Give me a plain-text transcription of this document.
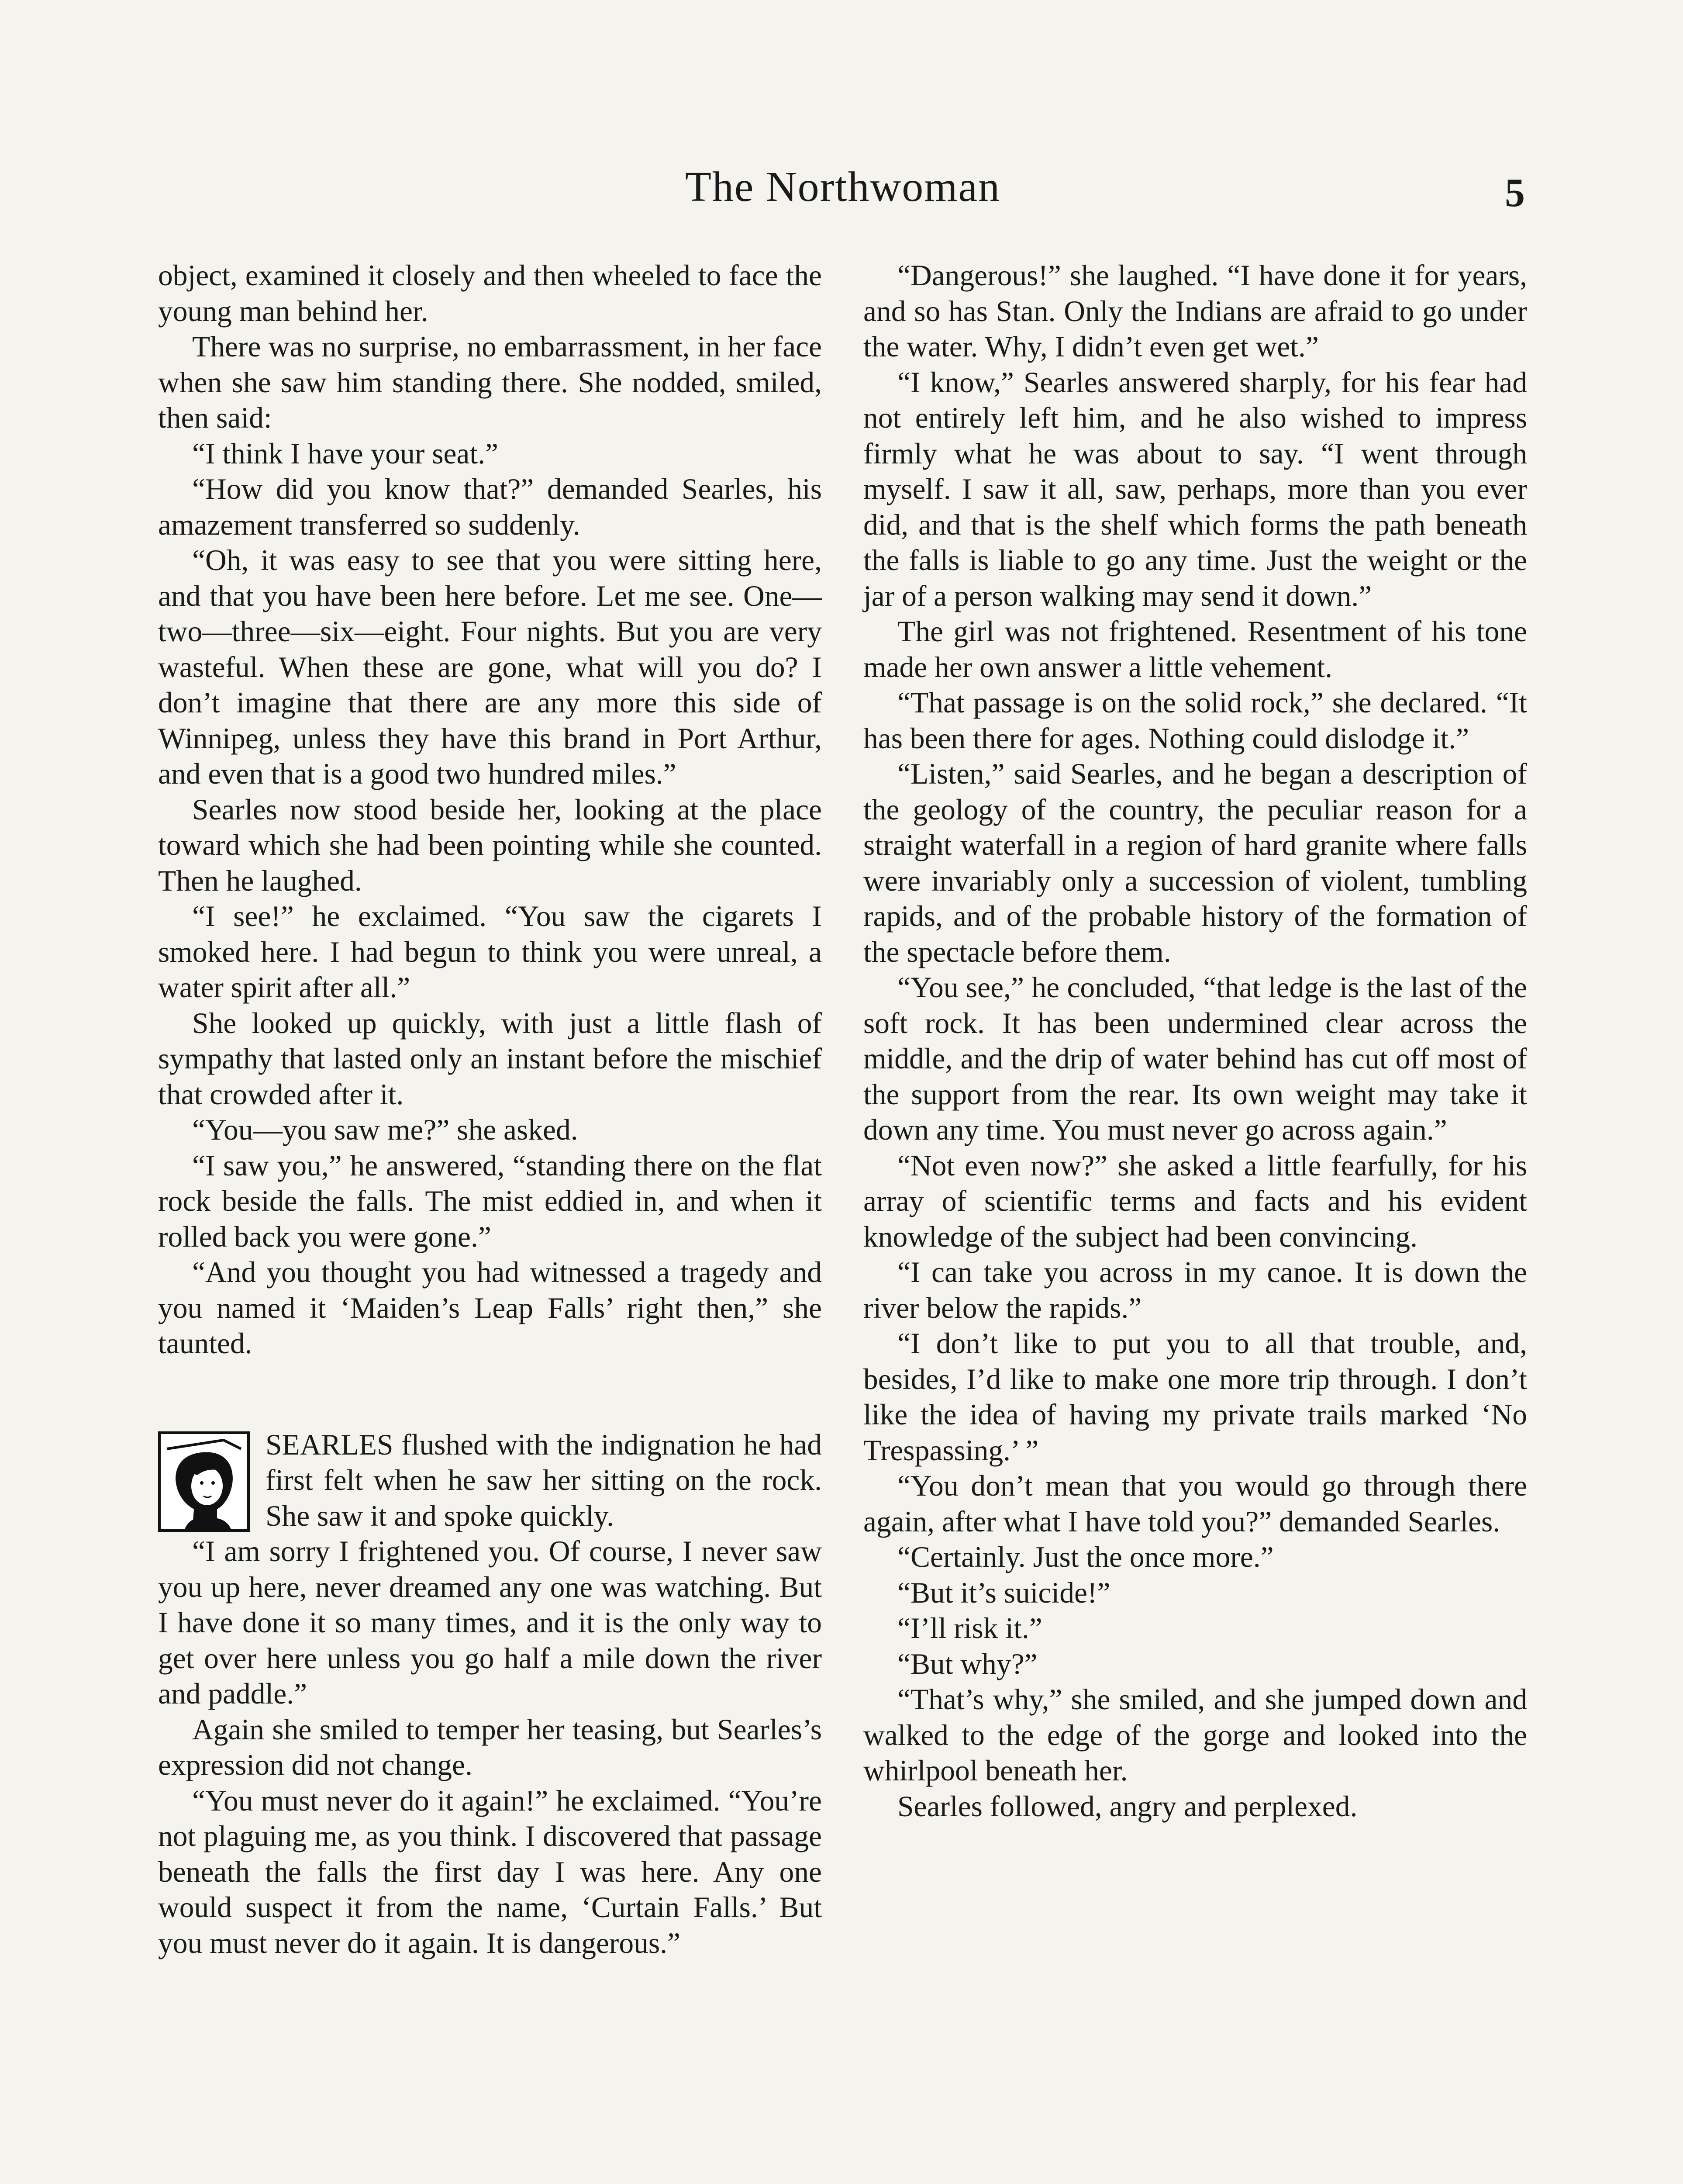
The Northwoman	5

object, examined it closely and then wheeled to face the young man behind her.

There was no surprise, no embarrassment, in her face when she saw him standing there. She nodded, smiled, then said:

“I think I have your seat.”

“How did you know that?” demanded Searles, his amazement transferred so suddenly.

“Oh, it was easy to see that you were sitting here, and that you have been here before. Let me see. One—two—three—six—eight. Four nights. But you are very wasteful. When these are gone, what will you do? I don’t imagine that there are any more this side of Winnipeg, unless they have this brand in Port Arthur, and even that is a good two hundred miles.”

Searles now stood beside her, looking at the place toward which she had been pointing while she counted. Then he laughed.

“I see!” he exclaimed. “You saw the cigarets I smoked here. I had begun to think you were unreal, a water spirit after all.”

She looked up quickly, with just a little flash of sympathy that lasted only an instant before the mischief that crowded after it.

“You—you saw me?” she asked.

“I saw you,” he answered, “standing there on the flat rock beside the falls. The mist eddied in, and when it rolled back you were gone.”

“And you thought you had witnessed a tragedy and you named it ‘Maiden’s Leap Falls’ right then,” she taunted.

SEARLES flushed with the indignation he had first felt when he saw her sitting on the rock. She saw it and spoke quickly.

“I am sorry I frightened you. Of course, I never saw you up here, never dreamed any one was watching. But I have done it so many times, and it is the only way to get over here unless you go half a mile down the river and paddle.”

Again she smiled to temper her teasing, but Searles’s expression did not change.

“You must never do it again!” he exclaimed. “You’re not plaguing me, as you think. I discovered that passage beneath the falls the first day I was here. Any one would suspect it from the name, ‘Curtain Falls.’ But you must never do it again. It is dangerous.”

“Dangerous!” she laughed. “I have done it for years, and so has Stan. Only the Indians are afraid to go under the water. Why, I didn’t even get wet.”

“I know,” Searles answered sharply, for his fear had not entirely left him, and he also wished to impress firmly what he was about to say. “I went through myself. I saw it all, saw, perhaps, more than you ever did, and that is the shelf which forms the path beneath the falls is liable to go any time. Just the weight or the jar of a person walking may send it down.”

The girl was not frightened. Resentment of his tone made her own answer a little vehement.

“That passage is on the solid rock,” she declared. “It has been there for ages. Nothing could dislodge it.”

“Listen,” said Searles, and he began a description of the geology of the country, the peculiar reason for a straight waterfall in a region of hard granite where falls were invariably only a succession of violent, tumbling rapids, and of the probable history of the formation of the spectacle before them.

“You see,” he concluded, “that ledge is the last of the soft rock. It has been undermined clear across the middle, and the drip of water behind has cut off most of the support from the rear. Its own weight may take it down any time. You must never go across again.”

“Not even now?” she asked a little fearfully, for his array of scientific terms and facts and his evident knowledge of the subject had been convincing.

“I can take you across in my canoe. It is down the river below the rapids.”

“I don’t like to put you to all that trouble, and, besides, I’d like to make one more trip through. I don’t like the idea of having my private trails marked ‘No Trespassing.’ ”

“You don’t mean that you would go through there again, after what I have told you?” demanded Searles.

“Certainly. Just the once more.”

“But it’s suicide!”

“I’ll risk it.”

“But why?”

“That’s why,” she smiled, and she jumped down and walked to the edge of the gorge and looked into the whirlpool beneath her.

Searles followed, angry and perplexed.
